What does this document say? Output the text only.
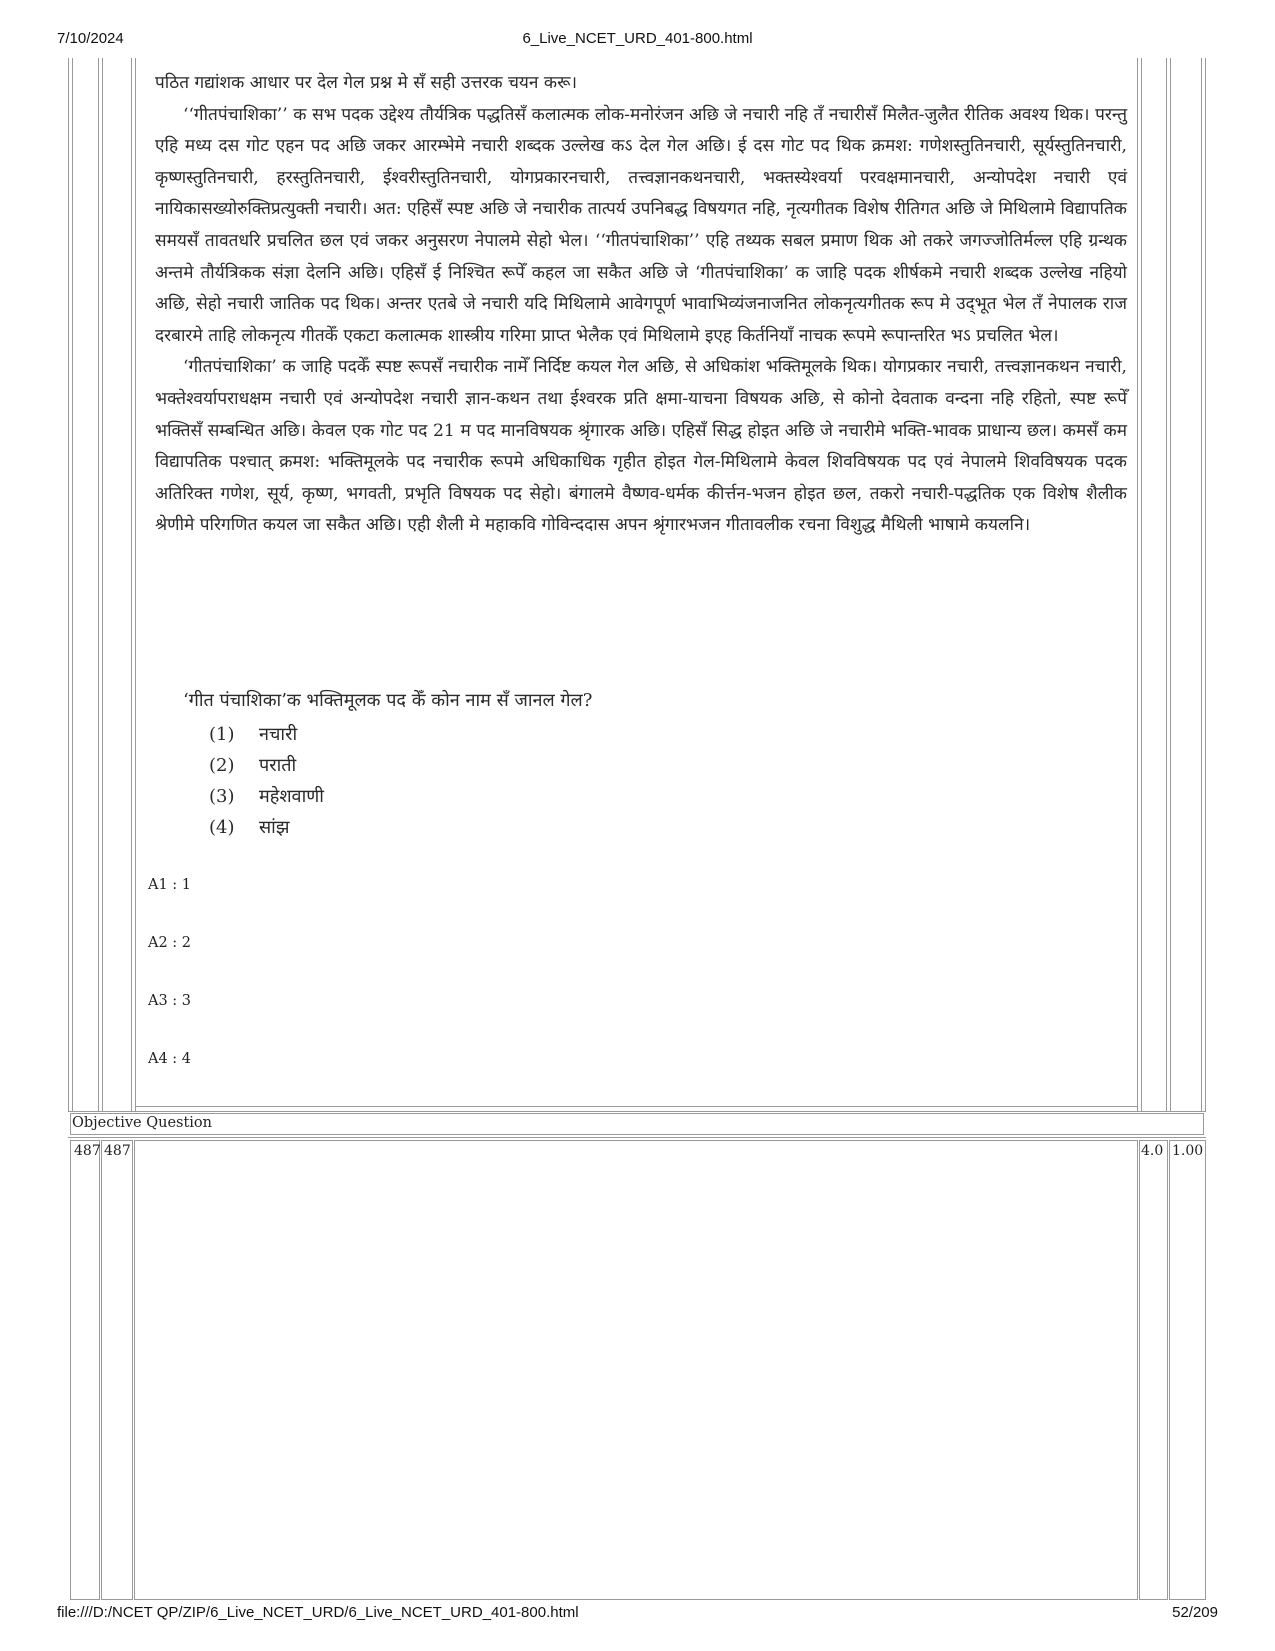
7/10/2024	6_Live_NCET_URD_401-800.html
Objective Question
487 487	4.0 1.00

पठित गद्यांशक आधार पर देल गेल प्रश्न मे सँ सही उत्तरक चयन करू।

‘‘गीतपंचाशिका’’ क सभ पदक उद्देश्य तौर्यत्रिक पद्धतिसँ कलात्मक लोक-मनोरंजन अछि जे नचारी नहि तँ नचारीसँ मिलैत-जुलैत रीतिक अवश्य थिक। परन्तु एहि मध्य दस गोट एहन पद अछि जकर आरम्भेमे नचारी शब्दक उल्लेख कऽ देल गेल अछि। ई दस गोट पद थिक क्रमश: गणेशस्तुतिनचारी, सूर्यस्तुतिनचारी, कृष्णस्तुतिनचारी, हरस्तुतिनचारी, ईश्वरीस्तुतिनचारी, योगप्रकारनचारी, तत्त्वज्ञानकथनचारी, भक्तस्येश्वर्या परवक्षमानचारी, अन्योपदेश नचारी एवं नायिकासख्योरुक्तिप्रत्युक्ती नचारी। अत: एहिसँ स्पष्ट अछि जे नचारीक तात्पर्य उपनिबद्ध विषयगत नहि, नृत्यगीतक विशेष रीतिगत अछि जे मिथिलामे विद्यापतिक समयसँ तावतधरि प्रचलित छल एवं जकर अनुसरण नेपालमे सेहो भेल। ‘‘गीतपंचाशिका’’ एहि तथ्यक सबल प्रमाण थिक ओ तकरे जगज्जोतिर्मल्ल एहि ग्रन्थक अन्तमे तौर्यत्रिकक संज्ञा देलनि अछि। एहिसँ ई निश्चित रूपेँ कहल जा सकैत अछि जे ‘गीतपंचाशिका’ क जाहि पदक शीर्षकमे नचारी शब्दक उल्लेख नहियो अछि, सेहो नचारी जातिक पद थिक। अन्तर एतबे जे नचारी यदि मिथिलामे आवेगपूर्ण भावाभिव्यंजनाजनित लोकनृत्यगीतक रूप मे उद्‌भूत भेल तँ नेपालक राज दरबारमे ताहि लोकनृत्य गीतकेँ एकटा कलात्मक शास्त्रीय गरिमा प्राप्त भेलैक एवं मिथिलामे इएह किर्तनियाँ नाचक रूपमे रूपान्तरित भऽ प्रचलित भेल।

‘गीतपंचाशिका’ क जाहि पदकेँ स्पष्ट रूपसँ नचारीक नामेँ निर्दिष्ट कयल गेल अछि, से अधिकांश भक्तिमूलके थिक। योगप्रकार नचारी, तत्त्वज्ञानकथन नचारी, भक्तेश्वर्यापराधक्षम नचारी एवं अन्योपदेश नचारी ज्ञान-कथन तथा ईश्वरक प्रति क्षमा-याचना विषयक अछि, से कोनो देवताक वन्दना नहि रहितो, स्पष्ट रूपेँ भक्तिसँ सम्बन्धित अछि। केवल एक गोट पद 21 म पद मानविषयक श्रृंगारक अछि। एहिसँ सिद्ध होइत अछि जे नचारीमे भक्ति-भावक प्राधान्य छल। कमसँ कम विद्यापतिक पश्चात्‌ क्रमश: भक्तिमूलके पद नचारीक रूपमे अधिकाधिक गृहीत होइत गेल-मिथिलामे केवल शिवविषयक पद एवं नेपालमे शिवविषयक पदक अतिरिक्त गणेश, सूर्य, कृष्ण, भगवती, प्रभृति विषयक पद सेहो। बंगालमे वैष्णव-धर्मक कीर्त्तन-भजन होइत छल, तकरो नचारी-पद्धतिक एक विशेष शैलीक श्रेणीमे परिगणित कयल जा सकैत अछि। एही शैली मे महाकवि गोविन्ददास अपन श्रृंगारभजन गीतावलीक रचना विशुद्ध मैथिली भाषामे कयलनि।

‘गीत पंचाशिका’क भक्तिमूलक पद केँ कोन नाम सँ जानल गेल?
(1) नचारी
(2) पराती
(3) महेशवाणी
(4) सांझ
A1 : 1
A2 : 2
A3 : 3
A4 : 4
file:///D:/NCET QP/ZIP/6_Live_NCET_URD/6_Live_NCET_URD_401-800.html	52/209
